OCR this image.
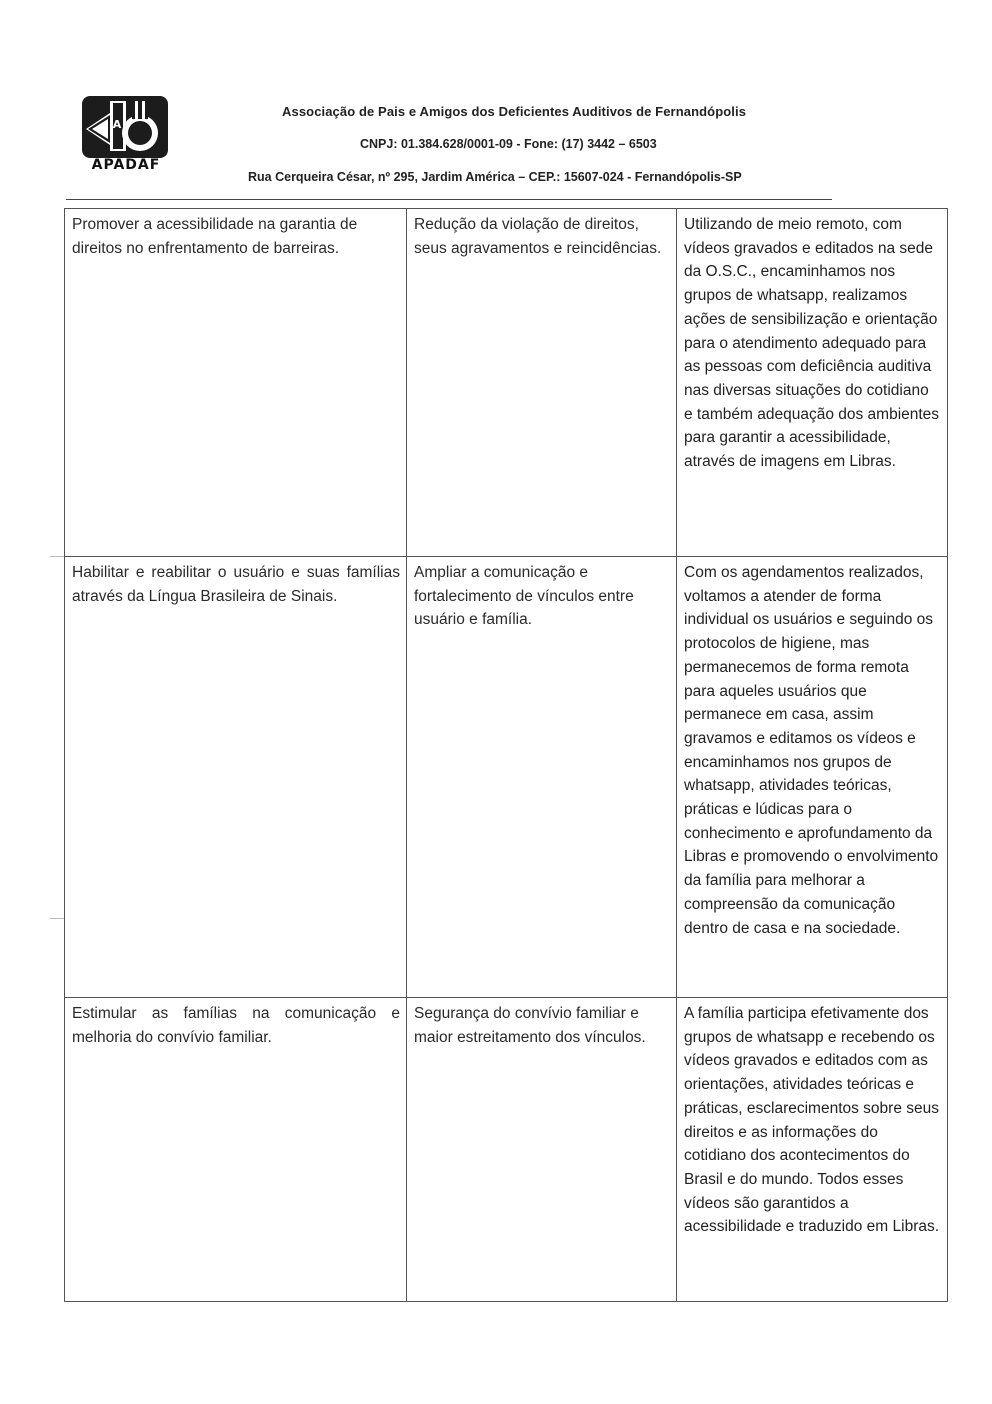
A
APADAF
Associação de Pais e Amigos dos Deficientes Auditivos de Fernandópolis
CNPJ: 01.384.628/0001-09 - Fone: (17) 3442 – 6503
Rua Cerqueira César, nº 295, Jardim América – CEP.: 15607-024 - Fernandópolis-SP
Promover a acessibilidade na garantia de direitos no enfrentamento de barreiras.
Redução da violação de direitos, seus agravamentos e reincidências.
Utilizando de meio remoto, com vídeos gravados e editados na sede da O.S.C., encaminhamos nos grupos de whatsapp, realizamos ações de sensibilização e orientação para o atendimento adequado para as pessoas com deficiência auditiva nas diversas situações do cotidiano e também adequação dos ambientes para garantir a acessibilidade, através de imagens em Libras.
Habilitar e reabilitar o usuário e suas famílias através da Língua Brasileira de Sinais.
Ampliar a comunicação e fortalecimento de vínculos entre usuário e família.
Com os agendamentos realizados, voltamos a atender de forma individual os usuários e seguindo os protocolos de higiene, mas permanecemos de forma remota para aqueles usuários que permanece em casa, assim gravamos e editamos os vídeos e encaminhamos nos grupos de whatsapp, atividades teóricas, práticas e lúdicas para o conhecimento e aprofundamento da Libras e promovendo o envolvimento da família para melhorar a compreensão da comunicação dentro de casa e na sociedade.
Estimular as famílias na comunicação e melhoria do convívio familiar.
Segurança do convívio familiar e maior estreitamento dos vínculos.
A família participa efetivamente dos grupos de whatsapp e recebendo os vídeos gravados e editados com as orientações, atividades teóricas e práticas, esclarecimentos sobre seus direitos e as informações do cotidiano dos acontecimentos do Brasil e do mundo. Todos esses vídeos são garantidos a acessibilidade e traduzido em Libras.
